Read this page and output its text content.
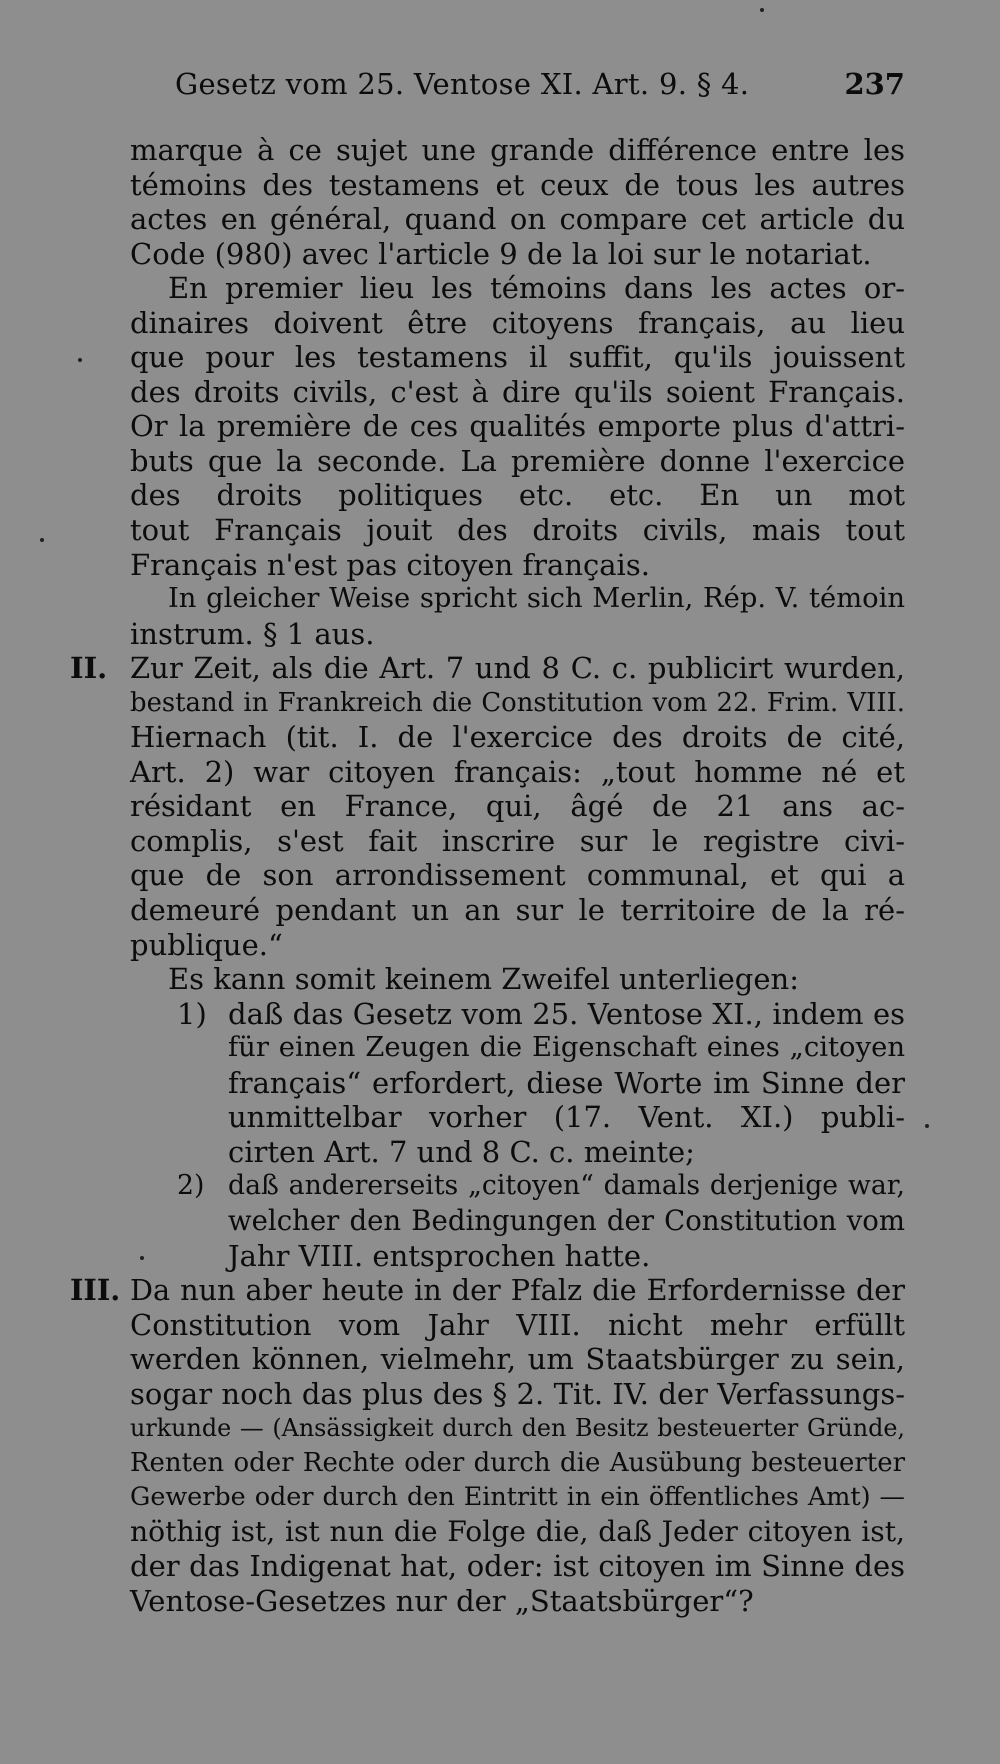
Gesetz vom 25. Ventose XI. Art. 9. § 4.	237
marque à ce sujet une grande différence entre les
témoins des testamens et ceux de tous les autres
actes en général, quand on compare cet article du
Code (980) avec l'article 9 de la loi sur le notariat.
En premier lieu les témoins dans les actes or-
dinaires doivent être citoyens français, au lieu
que pour les testamens il suffit, qu'ils jouissent
des droits civils, c'est à dire qu'ils soient Français.
Or la première de ces qualités emporte plus d'attri-
buts que la seconde. La première donne l'exercice
des droits politiques etc. etc. En un mot
tout Français jouit des droits civils, mais tout
Français n'est pas citoyen français.
In gleicher Weise spricht sich Merlin, Rép. V. témoin
instrum. § 1 aus.
II. Zur Zeit, als die Art. 7 und 8 C. c. publicirt wurden,
bestand in Frankreich die Constitution vom 22. Frim. VIII.
Hiernach (tit. I. de l'exercice des droits de cité,
Art. 2) war citoyen français: „tout homme né et
résidant en France, qui, âgé de 21 ans ac-
complis, s'est fait inscrire sur le registre civi-
que de son arrondissement communal, et qui a
demeuré pendant un an sur le territoire de la ré-
publique.“
Es kann somit keinem Zweifel unterliegen:
1) daß das Gesetz vom 25. Ventose XI., indem es
für einen Zeugen die Eigenschaft eines „citoyen
français“ erfordert, diese Worte im Sinne der
unmittelbar vorher (17. Vent. XI.) publi-
cirten Art. 7 und 8 C. c. meinte;
2) daß andererseits „citoyen“ damals derjenige war,
welcher den Bedingungen der Constitution vom
Jahr VIII. entsprochen hatte.
III. Da nun aber heute in der Pfalz die Erfordernisse der
Constitution vom Jahr VIII. nicht mehr erfüllt
werden können, vielmehr, um Staatsbürger zu sein,
sogar noch das plus des § 2. Tit. IV. der Verfassungs-
urkunde — (Ansässigkeit durch den Besitz besteuerter Gründe,
Renten oder Rechte oder durch die Ausübung besteuerter
Gewerbe oder durch den Eintritt in ein öffentliches Amt) —
nöthig ist, ist nun die Folge die, daß Jeder citoyen ist,
der das Indigenat hat, oder: ist citoyen im Sinne des
Ventose-Gesetzes nur der „Staatsbürger“?
